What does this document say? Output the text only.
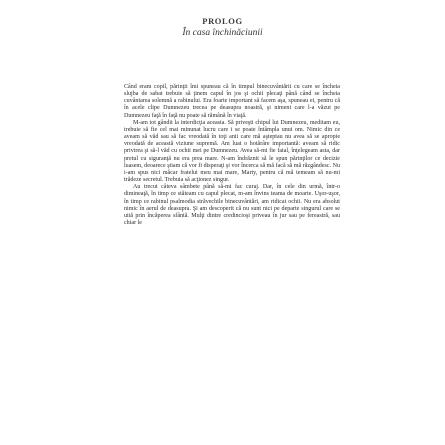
PROLOG
În casa închinăciunii

Când eram copil, părinţii îmi spuneau că în timpul binecuvântării cu care se încheia slujba de sabat trebuie să ţinem capul în jos şi ochii plecaţi până când se încheia cuvântarea solemnă a rabinului. Era foarte important să facem aşa, spuneau ei, pentru că în acele clipe Dumnezeu trecea pe deasupra noastră, şi nimeni care l-a văzut pe Dumnezeu faţă în faţă nu poate să rămână în viaţă.

M-am tot gândit la interdicţia aceasta. Să priveşti chipul lui Dumnezeu, meditam eu, trebuie să fie cel mai minunat lucru care i se poate întâmpla unui om. Nimic din ce aveam să văd sau să fac vreodată în toţi anii care mă aşteptau nu avea să se apropie vreodată de această viziune supremă. Am luat o hotărâre importantă: aveam să ridic privirea şi să-l văd cu ochii mei pe Dumnezeu. Avea să-mi fie fatal, înţelegeam asta, dar pretul cu siguranţă nu era prea mare. N-am îndrăznit să le spun părinţilor ce decizie luasem, deoarece ştiam că vor fi disperaţi şi vor încerca să mă facă să mă răzgândesc. Nu i-am spus nici măcar fratelui meu mai mare, Marty, pentru că mă temeam să nu-mi trădeze secretul. Trebuia să acţionez singur.

Au trecut câteva sâmbete până să-mi fac curaj. Dar, în cele din urmă, într-o dimineaţă, în timp ce stăteam cu capul plecat, m-am învins teama de moarte. Uşor-uşor, în timp ce rabinul psalmodia străvechile binecuvântări, am ridicat ochii. Nu era absolut nimic în aerul de deasupra. Şi am descoperit că nu sunt nici pe departe singurul care se uită prin încăperea sfântă. Mulţi dintre credincioşi priveau în jur sau pe fereastră, sau chiar le
